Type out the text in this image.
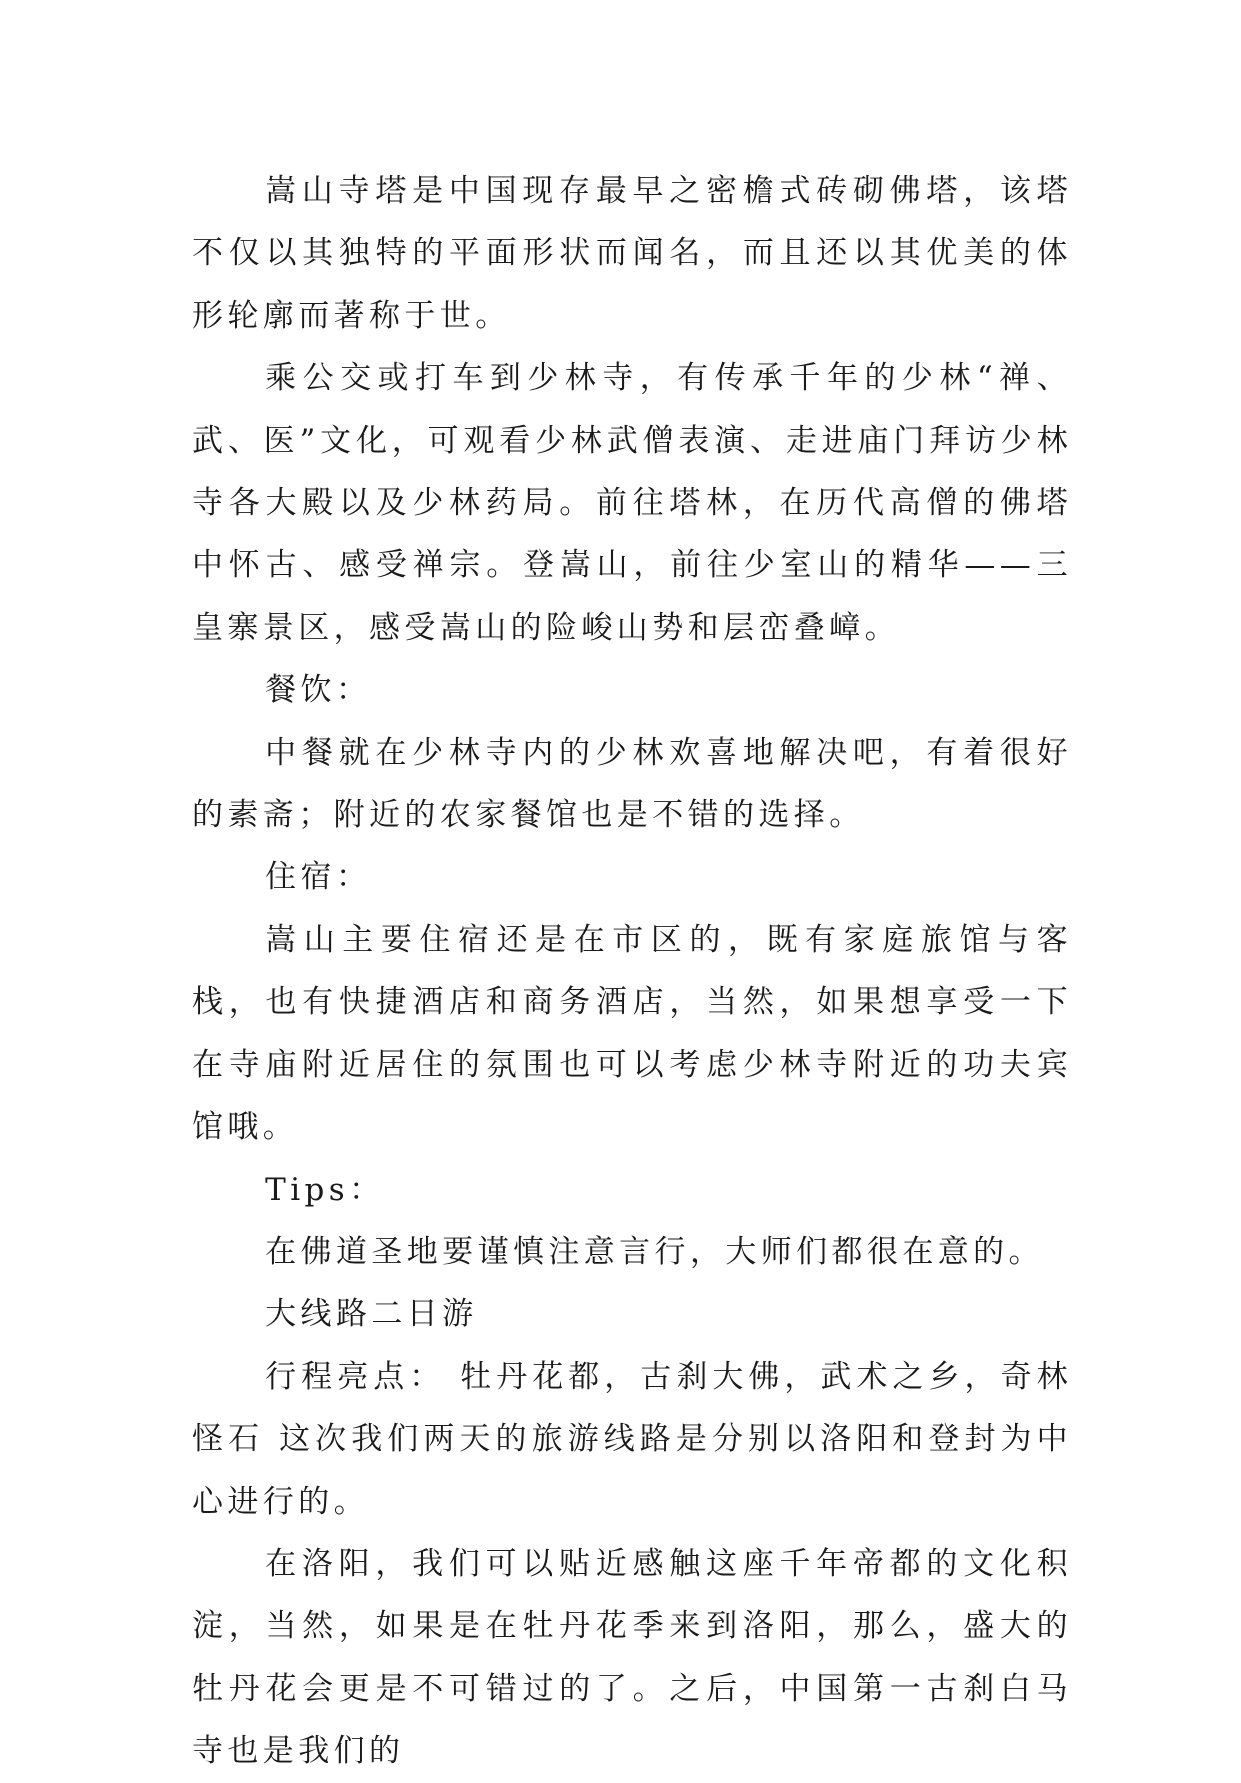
嵩山寺塔是中国现存最早之密檐式砖砌佛塔，该塔不仅以其独特的平面形状而闻名，而且还以其优美的体形轮廓而著称于世。

乘公交或打车到少林寺，有传承千年的少林“禅、武、医”文化，可观看少林武僧表演、走进庙门拜访少林寺各大殿以及少林药局。前往塔林，在历代高僧的佛塔中怀古、感受禅宗。登嵩山，前往少室山的精华——三皇寨景区，感受嵩山的险峻山势和层峦叠嶂。

餐饮：

中餐就在少林寺内的少林欢喜地解决吧，有着很好的素斋；附近的农家餐馆也是不错的选择。

住宿：

嵩山主要住宿还是在市区的，既有家庭旅馆与客栈，也有快捷酒店和商务酒店，当然，如果想享受一下在寺庙附近居住的氛围也可以考虑少林寺附近的功夫宾馆哦。

Tips：

在佛道圣地要谨慎注意言行，大师们都很在意的。

大线路二日游

行程亮点： 牡丹花都，古刹大佛，武术之乡，奇林怪石 这次我们两天的旅游线路是分别以洛阳和登封为中心进行的。

在洛阳，我们可以贴近感触这座千年帝都的文化积淀，当然，如果是在牡丹花季来到洛阳，那么，盛大的牡丹花会更是不可错过的了。之后，中国第一古刹白马寺也是我们的
